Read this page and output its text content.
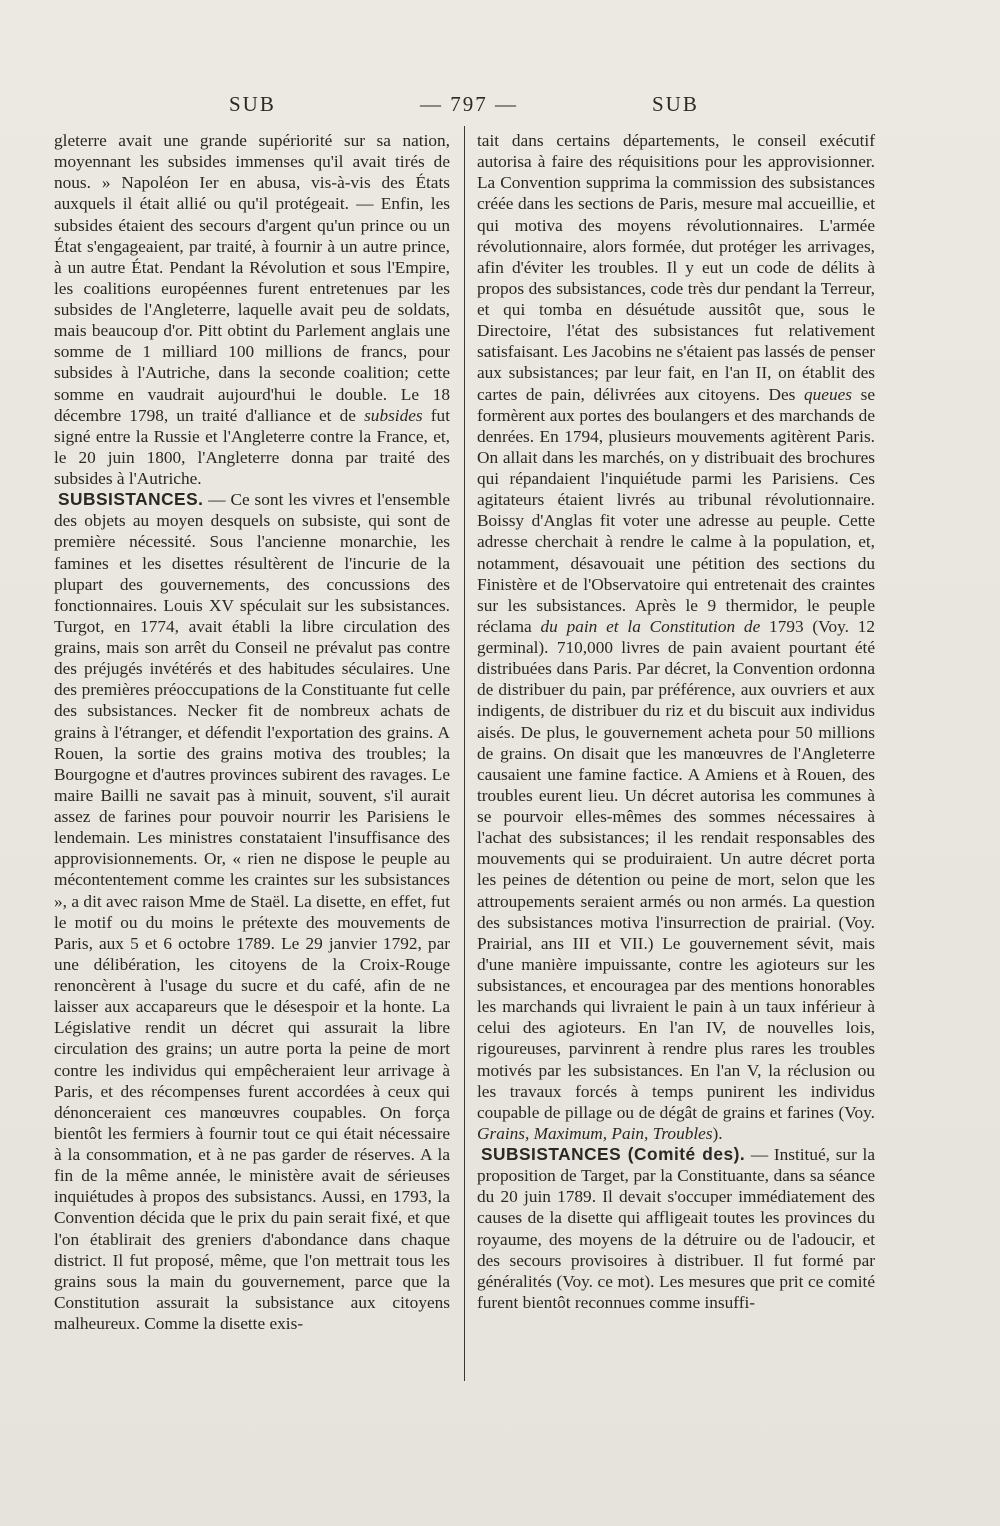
SUB	— 797 —	SUB

gleterre avait une grande supériorité sur sa nation, moyennant les subsides immenses qu'il avait tirés de nous. » Napoléon Ier en abusa, vis-à-vis des États auxquels il était allié ou qu'il protégeait. — Enfin, les subsides étaient des secours d'argent qu'un prince ou un État s'engageaient, par traité, à fournir à un autre prince, à un autre État. Pendant la Révolution et sous l'Empire, les coalitions européennes furent entretenues par les subsides de l'Angleterre, laquelle avait peu de soldats, mais beaucoup d'or. Pitt obtint du Parlement anglais une somme de 1 milliard 100 millions de francs, pour subsides à l'Autriche, dans la seconde coalition; cette somme en vaudrait aujourd'hui le double. Le 18 décembre 1798, un traité d'alliance et de subsides fut signé entre la Russie et l'Angleterre contre la France, et, le 20 juin 1800, l'Angleterre donna par traité des subsides à l'Autriche.

SUBSISTANCES. — Ce sont les vivres et l'ensemble des objets au moyen desquels on subsiste, qui sont de première nécessité. Sous l'ancienne monarchie, les famines et les disettes résultèrent de l'incurie de la plupart des gouvernements, des concussions des fonctionnaires. Louis XV spéculait sur les subsistances. Turgot, en 1774, avait établi la libre circulation des grains, mais son arrêt du Conseil ne prévalut pas contre des préjugés invétérés et des habitudes séculaires. Une des premières préoccupations de la Constituante fut celle des subsistances. Necker fit de nombreux achats de grains à l'étranger, et défendit l'exportation des grains. A Rouen, la sortie des grains motiva des troubles; la Bourgogne et d'autres provinces subirent des ravages. Le maire Bailli ne savait pas à minuit, souvent, s'il aurait assez de farines pour pouvoir nourrir les Parisiens le lendemain. Les ministres constataient l'insuffisance des approvisionnements. Or, « rien ne dispose le peuple au mécontentement comme les craintes sur les subsistances », a dit avec raison Mme de Staël. La disette, en effet, fut le motif ou du moins le prétexte des mouvements de Paris, aux 5 et 6 octobre 1789. Le 29 janvier 1792, par une délibération, les citoyens de la Croix-Rouge renoncèrent à l'usage du sucre et du café, afin de ne laisser aux accapareurs que le désespoir et la honte. La Législative rendit un décret qui assurait la libre circulation des grains; un autre porta la peine de mort contre les individus qui empêcheraient leur arrivage à Paris, et des récompenses furent accordées à ceux qui dénonceraient ces manœuvres coupables. On força bientôt les fermiers à fournir tout ce qui était nécessaire à la consommation, et à ne pas garder de réserves. A la fin de la même année, le ministère avait de sérieuses inquiétudes à propos des subsistancs. Aussi, en 1793, la Convention décida que le prix du pain serait fixé, et que l'on établirait des greniers d'abondance dans chaque district. Il fut proposé, même, que l'on mettrait tous les grains sous la main du gouvernement, parce que la Constitution assurait la subsistance aux citoyens malheureux. Comme la disette exis-

tait dans certains départements, le conseil exécutif autorisa à faire des réquisitions pour les approvisionner. La Convention supprima la commission des subsistances créée dans les sections de Paris, mesure mal accueillie, et qui motiva des moyens révolutionnaires. L'armée révolutionnaire, alors formée, dut protéger les arrivages, afin d'éviter les troubles. Il y eut un code de délits à propos des subsistances, code très dur pendant la Terreur, et qui tomba en désuétude aussitôt que, sous le Directoire, l'état des subsistances fut relativement satisfaisant. Les Jacobins ne s'étaient pas lassés de penser aux subsistances; par leur fait, en l'an II, on établit des cartes de pain, délivrées aux citoyens. Des queues se formèrent aux portes des boulangers et des marchands de denrées. En 1794, plusieurs mouvements agitèrent Paris. On allait dans les marchés, on y distribuait des brochures qui répandaient l'inquiétude parmi les Parisiens. Ces agitateurs étaient livrés au tribunal révolutionnaire. Boissy d'Anglas fit voter une adresse au peuple. Cette adresse cherchait à rendre le calme à la population, et, notamment, désavouait une pétition des sections du Finistère et de l'Observatoire qui entretenait des craintes sur les subsistances. Après le 9 thermidor, le peuple réclama du pain et la Constitution de 1793 (Voy. 12 germinal). 710,000 livres de pain avaient pourtant été distribuées dans Paris. Par décret, la Convention ordonna de distribuer du pain, par préférence, aux ouvriers et aux indigents, de distribuer du riz et du biscuit aux individus aisés. De plus, le gouvernement acheta pour 50 millions de grains. On disait que les manœuvres de l'Angleterre causaient une famine factice. A Amiens et à Rouen, des troubles eurent lieu. Un décret autorisa les communes à se pourvoir elles-mêmes des sommes nécessaires à l'achat des subsistances; il les rendait responsables des mouvements qui se produiraient. Un autre décret porta les peines de détention ou peine de mort, selon que les attroupements seraient armés ou non armés. La question des subsistances motiva l'insurrection de prairial. (Voy. Prairial, ans III et VII.) Le gouvernement sévit, mais d'une manière impuissante, contre les agioteurs sur les subsistances, et encouragea par des mentions honorables les marchands qui livraient le pain à un taux inférieur à celui des agioteurs. En l'an IV, de nouvelles lois, rigoureuses, parvinrent à rendre plus rares les troubles motivés par les subsistances. En l'an V, la réclusion ou les travaux forcés à temps punirent les individus coupable de pillage ou de dégât de grains et farines (Voy. Grains, Maximum, Pain, Troubles).

SUBSISTANCES (Comité des). — Institué, sur la proposition de Target, par la Constituante, dans sa séance du 20 juin 1789. Il devait s'occuper immédiatement des causes de la disette qui affligeait toutes les provinces du royaume, des moyens de la détruire ou de l'adoucir, et des secours provisoires à distribuer. Il fut formé par généralités (Voy. ce mot). Les mesures que prit ce comité furent bientôt reconnues comme insuffi-
